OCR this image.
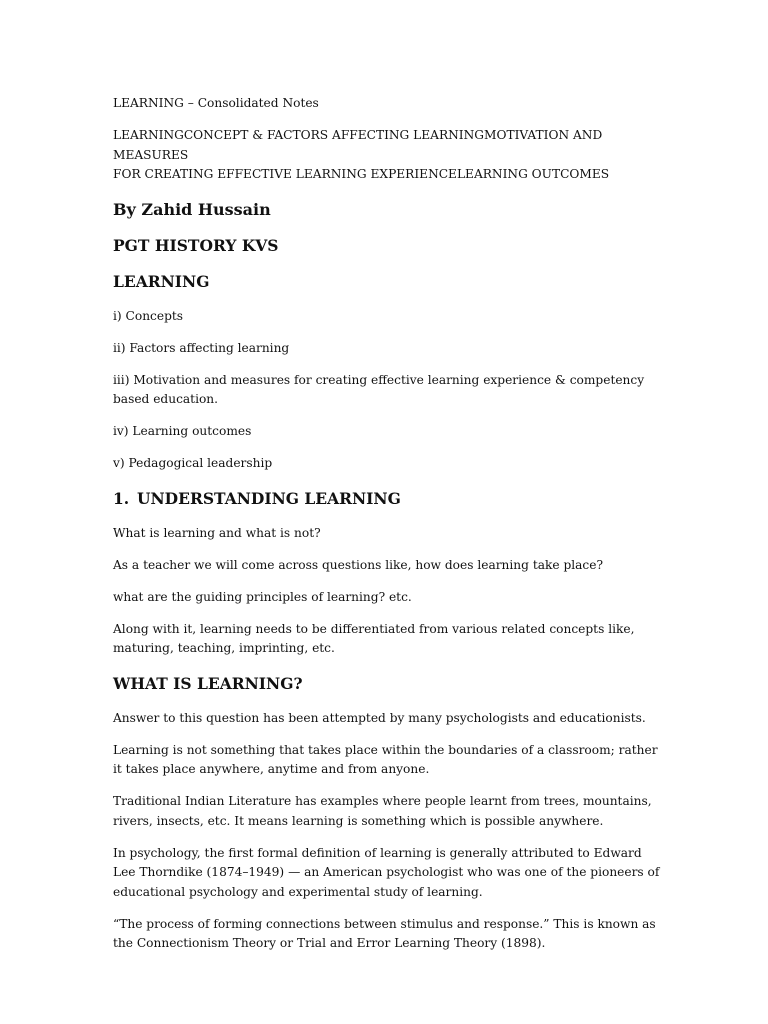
LEARNING – Consolidated Notes

LEARNINGCONCEPT & FACTORS AFFECTING LEARNINGMOTIVATION AND MEASURES
FOR CREATING EFFECTIVE LEARNING EXPERIENCELEARNING OUTCOMES

By Zahid Hussain
PGT HISTORY KVS
LEARNING

i) Concepts

ii) Factors affecting learning

iii) Motivation and measures for creating effective learning experience & competency based education.

iv) Learning outcomes

v) Pedagogical leadership

1. UNDERSTANDING LEARNING

What is learning and what is not?

As a teacher we will come across questions like, how does learning take place?

what are the guiding principles of learning? etc.

Along with it, learning needs to be differentiated from various related concepts like, maturing, teaching, imprinting, etc.

WHAT IS LEARNING?

Answer to this question has been attempted by many psychologists and educationists.

Learning is not something that takes place within the boundaries of a classroom; rather it takes place anywhere, anytime and from anyone.

Traditional Indian Literature has examples where people learnt from trees, mountains, rivers, insects, etc. It means learning is something which is possible anywhere.

In psychology, the first formal definition of learning is generally attributed to Edward Lee Thorndike (1874–1949) — an American psychologist who was one of the pioneers of educational psychology and experimental study of learning.

“The process of forming connections between stimulus and response.” This is known as the Connectionism Theory or Trial and Error Learning Theory (1898).
